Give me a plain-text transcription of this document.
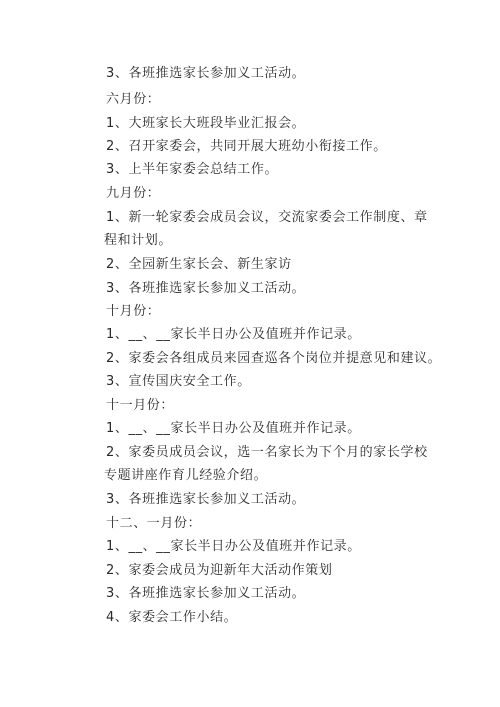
3、各班推选家长参加义工活动。
六月份：
1、大班家长大班段毕业汇报会。
2、召开家委会，共同开展大班幼小衔接工作。
3、上半年家委会总结工作。
九月份：
1、新一轮家委会成员会议，交流家委会工作制度、章
程和计划。
2、全园新生家长会、新生家访
3、各班推选家长参加义工活动。
十月份：
1、__、__家长半日办公及值班并作记录。
2、家委会各组成员来园查巡各个岗位并提意见和建议。
3、宣传国庆安全工作。
十一月份：
1、__、__家长半日办公及值班并作记录。
2、家委员成员会议，选一名家长为下个月的家长学校
专题讲座作育儿经验介绍。
3、各班推选家长参加义工活动。
十二、一月份：
1、__、__家长半日办公及值班并作记录。
2、家委会成员为迎新年大活动作策划
3、各班推选家长参加义工活动。
4、家委会工作小结。
